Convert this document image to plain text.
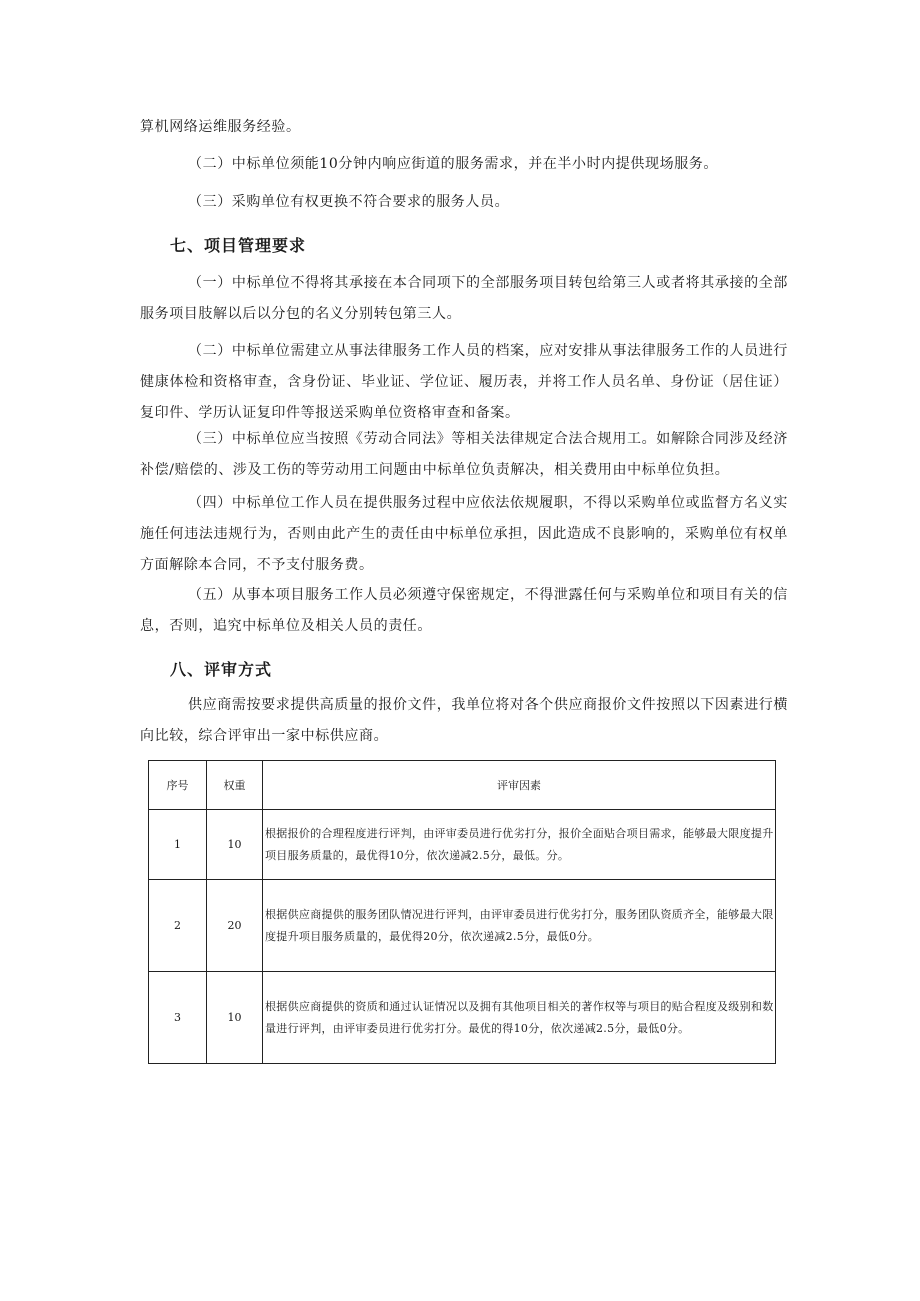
算机网络运维服务经验。

（二）中标单位须能10分钟内响应街道的服务需求，并在半小时内提供现场服务。

（三）采购单位有权更换不符合要求的服务人员。

七、项目管理要求

（一）中标单位不得将其承接在本合同项下的全部服务项目转包给第三人或者将其承接的全部服务项目肢解以后以分包的名义分别转包第三人。

（二）中标单位需建立从事法律服务工作人员的档案，应对安排从事法律服务工作的人员进行健康体检和资格审查，含身份证、毕业证、学位证、履历表，并将工作人员名单、身份证（居住证）复印件、学历认证复印件等报送采购单位资格审查和备案。

（三）中标单位应当按照《劳动合同法》等相关法律规定合法合规用工。如解除合同涉及经济补偿/赔偿的、涉及工伤的等劳动用工问题由中标单位负责解决，相关费用由中标单位负担。

（四）中标单位工作人员在提供服务过程中应依法依规履职，不得以采购单位或监督方名义实施任何违法违规行为，否则由此产生的责任由中标单位承担，因此造成不良影响的，采购单位有权单方面解除本合同，不予支付服务费。

（五）从事本项目服务工作人员必须遵守保密规定，不得泄露任何与采购单位和项目有关的信息，否则，追究中标单位及相关人员的责任。

八、评审方式

供应商需按要求提供高质量的报价文件，我单位将对各个供应商报价文件按照以下因素进行横向比较，综合评审出一家中标供应商。

序号	权重	评审因素
1	10	根据报价的合理程度进行评判，由评审委员进行优劣打分，报价全面贴合项目需求，能够最大限度提升项目服务质量的，最优得10分，依次递减2.5分，最低。分。
2	20	根据供应商提供的服务团队情况进行评判，由评审委员进行优劣打分，服务团队资质齐全，能够最大限度提升项目服务质量的，最优得20分，依次递减2.5分，最低0分。
3	10	根据供应商提供的资质和通过认证情况以及拥有其他项目相关的著作权等与项目的贴合程度及级别和数量进行评判，由评审委员进行优劣打分。最优的得10分，依次递减2.5分，最低0分。
